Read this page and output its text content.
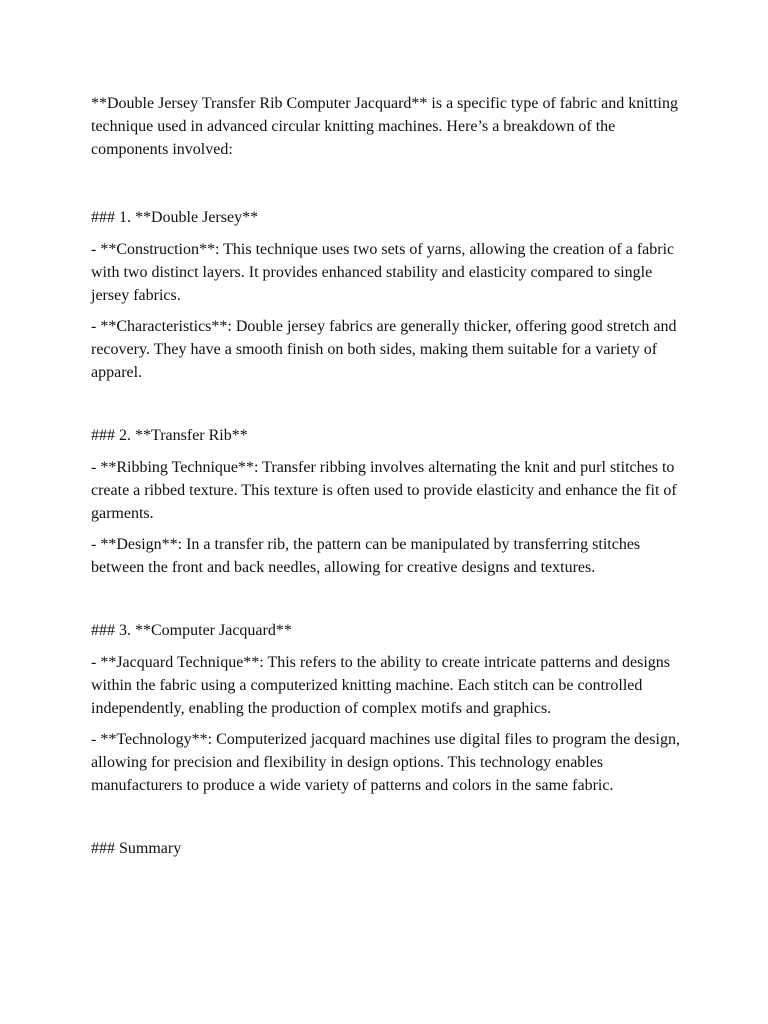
**Double Jersey Transfer Rib Computer Jacquard** is a specific type of fabric and knitting technique used in advanced circular knitting machines. Here’s a breakdown of the components involved:

### 1. **Double Jersey**

- **Construction**: This technique uses two sets of yarns, allowing the creation of a fabric with two distinct layers. It provides enhanced stability and elasticity compared to single jersey fabrics.

- **Characteristics**: Double jersey fabrics are generally thicker, offering good stretch and recovery. They have a smooth finish on both sides, making them suitable for a variety of apparel.

### 2. **Transfer Rib**

- **Ribbing Technique**: Transfer ribbing involves alternating the knit and purl stitches to create a ribbed texture. This texture is often used to provide elasticity and enhance the fit of garments.

- **Design**: In a transfer rib, the pattern can be manipulated by transferring stitches between the front and back needles, allowing for creative designs and textures.

### 3. **Computer Jacquard**

- **Jacquard Technique**: This refers to the ability to create intricate patterns and designs within the fabric using a computerized knitting machine. Each stitch can be controlled independently, enabling the production of complex motifs and graphics.

- **Technology**: Computerized jacquard machines use digital files to program the design, allowing for precision and flexibility in design options. This technology enables manufacturers to produce a wide variety of patterns and colors in the same fabric.

### Summary
